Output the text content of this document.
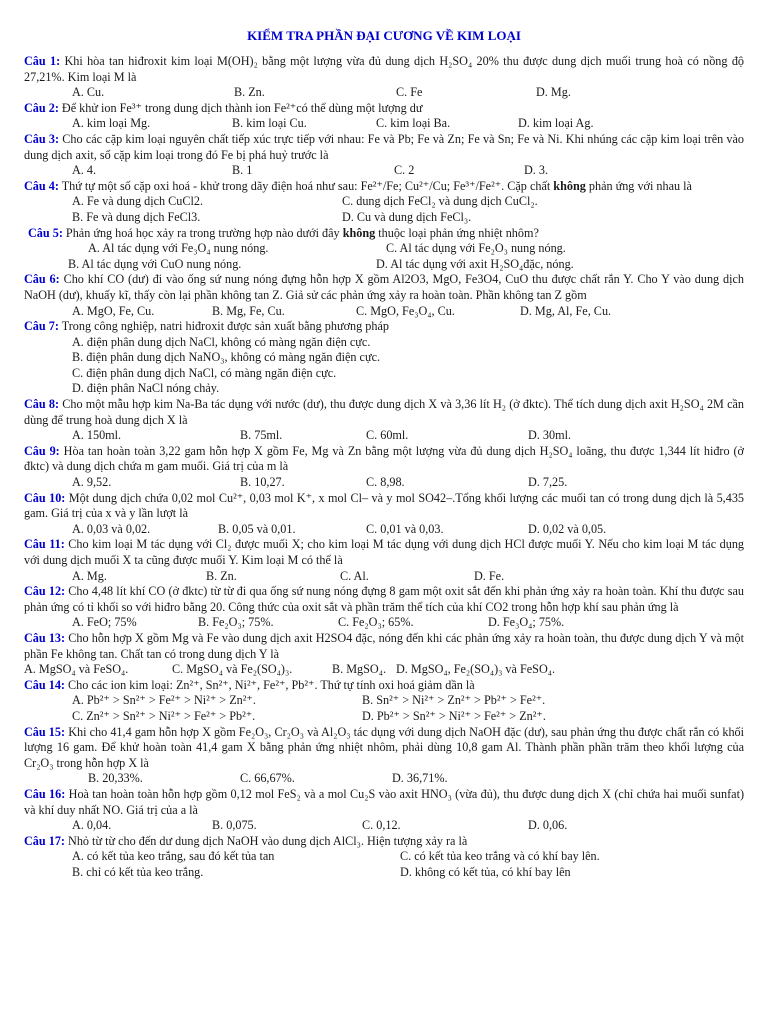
KIỂM TRA PHẦN ĐẠI CƯƠNG VỀ KIM LOẠI

Câu 1: Khi hòa tan hiđroxit kim loại M(OH)₂ bằng một lượng vừa đủ dung dịch H₂SO₄ 20% thu được dung dịch muối trung hoà có nồng độ 27,21%. Kim loại M là

A. Cu.	B. Zn.	C. Fe	D. Mg.

Câu 2: Để khử ion Fe³⁺ trong dung dịch thành ion Fe²⁺có thể dùng một lượng dư

A. kim loại Mg.	B. kim loại Cu.	C. kim loại Ba.	D. kim loại Ag.

Câu 3: Cho các cặp kim loại nguyên chất tiếp xúc trực tiếp với nhau: Fe và Pb; Fe và Zn; Fe và Sn; Fe và Ni. Khi nhúng các cặp kim loại trên vào dung dịch axit, số cặp kim loại trong đó Fe bị phá huỷ trước là

A. 4.	B. 1	C. 2	D. 3.

Câu 4: Thứ tự một số cặp oxi hoá - khử trong dãy điện hoá như sau: Fe²⁺/Fe; Cu²⁺/Cu; Fe³⁺/Fe²⁺. Cặp chất không phản ứng với nhau là

A. Fe và dung dịch CuCl2.	C. dung dịch FeCl₂ và dung dịch CuCl₂.
B. Fe và dung dịch FeCl3.	D. Cu và dung dịch FeCl₃.

Câu 5: Phản ứng hoá học xảy ra trong trường hợp nào dưới đây không thuộc loại phản ứng nhiệt nhôm?

A. Al tác dụng với Fe₃O₄ nung nóng.	C. Al tác dụng với Fe₂O₃ nung nóng.
B. Al tác dụng với CuO nung nóng.	D. Al tác dụng với axit H₂SO₄đặc, nóng.

Câu 6: Cho khí CO (dư) đi vào ống sứ nung nóng đựng hỗn hợp X gồm Al2O3, MgO, Fe3O4, CuO thu được chất rắn Y. Cho Y vào dung dịch NaOH (dư), khuấy kĩ, thấy còn lại phần không tan Z. Giả sử các phản ứng xảy ra hoàn toàn. Phần không tan Z gồm

A. MgO, Fe, Cu.	B. Mg, Fe, Cu.	C. MgO, Fe₃O₄, Cu.	D. Mg, Al, Fe, Cu.

Câu 7: Trong công nghiệp, natri hiđroxit được sản xuất bằng phương pháp

A. điện phân dung dịch NaCl, không có màng ngăn điện cực.
B. điện phân dung dịch NaNO₃, không có màng ngăn điện cực.
C. điện phân dung dịch NaCl, có màng ngăn điện cực.
D. điện phân NaCl nóng chảy.

Câu 8: Cho một mẫu hợp kim Na-Ba tác dụng với nước (dư), thu được dung dịch X và 3,36 lít H₂ (ở đktc). Thể tích dung dịch axit H₂SO₄ 2M cần dùng để trung hoà dung dịch X là

A. 150ml.	B. 75ml.	C. 60ml.	D. 30ml.

Câu 9: Hòa tan hoàn toàn 3,22 gam hỗn hợp X gồm Fe, Mg và Zn bằng một lượng vừa đủ dung dịch H₂SO₄ loãng, thu được 1,344 lít hiđro (ở đktc) và dung dịch chứa m gam muối. Giá trị của m là

A. 9,52.	B. 10,27.	C. 8,98.	D. 7,25.

Câu 10: Một dung dịch chứa 0,02 mol Cu²⁺, 0,03 mol K⁺, x mol Cl– và y mol SO42–.Tổng khối lượng các muối tan có trong dung dịch là 5,435 gam. Giá trị của x và y lần lượt là

A. 0,03 và 0,02.	B. 0,05 và 0,01.	C. 0,01 và 0,03.	D. 0,02 và 0,05.

Câu 11: Cho kim loại M tác dụng với Cl₂ được muối X; cho kim loại M tác dụng với dung dịch HCl được muối Y. Nếu cho kim loại M tác dụng với dung dịch muối X ta cũng được muối Y. Kim loại M có thể là

A. Mg.	B. Zn.	C. Al.	D. Fe.

Câu 12: Cho 4,48 lít khí CO (ở đktc) từ từ đi qua ống sứ nung nóng đựng 8 gam một oxit sắt đến khi phản ứng xảy ra hoàn toàn. Khí thu được sau phản ứng có tỉ khối so với hiđro bằng 20. Công thức của oxit sắt và phần trăm thể tích của khí CO2 trong hỗn hợp khí sau phản ứng là

A. FeO; 75%	B. Fe₂O₃; 75%.	C. Fe₂O₃; 65%.	D. Fe₃O₄; 75%.

Câu 13: Cho hỗn hợp X gồm Mg và Fe vào dung dịch axit H2SO4 đặc, nóng đến khi các phản ứng xảy ra hoàn toàn, thu được dung dịch Y và một phần Fe không tan. Chất tan có trong dung dịch Y là

A. MgSO₄ và FeSO₄.	C. MgSO₄ và Fe₂(SO₄)₃.	B. MgSO₄. D. MgSO₄, Fe₂(SO₄)₃ và FeSO₄.

Câu 14: Cho các ion kim loại: Zn²⁺, Sn²⁺, Ni²⁺, Fe²⁺, Pb²⁺. Thứ tự tính oxi hoá giảm dần là

A. Pb²⁺ > Sn²⁺ > Fe²⁺ > Ni²⁺ > Zn²⁺.	B. Sn²⁺ > Ni²⁺ > Zn²⁺ > Pb²⁺ > Fe²⁺.
C. Zn²⁺ > Sn²⁺ > Ni²⁺ > Fe²⁺ > Pb²⁺.	D. Pb²⁺ > Sn²⁺ > Ni²⁺ > Fe²⁺ > Zn²⁺.

Câu 15: Khi cho 41,4 gam hỗn hợp X gồm Fe₂O₃, Cr₂O₃ và Al₂O₃ tác dụng với dung dịch NaOH đặc (dư), sau phản ứng thu được chất rắn có khối lượng 16 gam. Để khử hoàn toàn 41,4 gam X bằng phản ứng nhiệt nhôm, phải dùng 10,8 gam Al. Thành phần phần trăm theo khối lượng của Cr₂O₃ trong hỗn hợp X là

B. 20,33%.	C. 66,67%.	D. 36,71%.

Câu 16: Hoà tan hoàn toàn hỗn hợp gồm 0,12 mol FeS₂ và a mol Cu₂S vào axit HNO₃ (vừa đủ), thu được dung dịch X (chỉ chứa hai muối sunfat) và khí duy nhất NO. Giá trị của a là

A. 0,04.	B. 0,075.	C. 0,12.	D. 0,06.

Câu 17: Nhỏ từ từ cho đến dư dung dịch NaOH vào dung dịch AlCl₃. Hiện tượng xảy ra là

A. có kết tủa keo trắng, sau đó kết tủa tan	C. có kết tủa keo trắng và có khí bay lên.
B. chỉ có kết tủa keo trắng.	D. không có kết tủa, có khí bay lên
